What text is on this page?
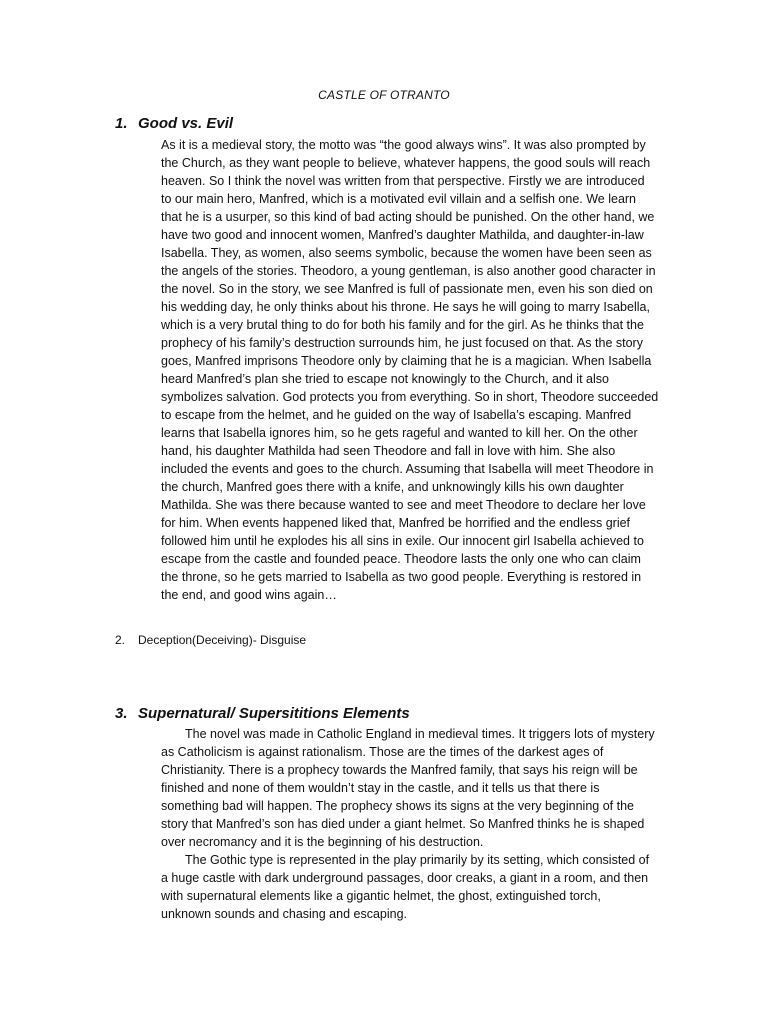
CASTLE OF OTRANTO
1. Good vs. Evil
As it is a medieval story, the motto was “the good always wins”. It was also prompted by
the Church, as they want people to believe, whatever happens, the good souls will reach
heaven. So I think the novel was written from that perspective. Firstly we are introduced
to our main hero, Manfred, which is a motivated evil villain and a selfish one. We learn
that he is a usurper, so this kind of bad acting should be punished. On the other hand, we
have two good and innocent women, Manfred’s daughter Mathilda, and daughter-in-law
Isabella. They, as women, also seems symbolic, because the women have been seen as
the angels of the stories. Theodoro, a young gentleman, is also another good character in
the novel. So in the story, we see Manfred is full of passionate men, even his son died on
his wedding day, he only thinks about his throne. He says he will going to marry Isabella,
which is a very brutal thing to do for both his family and for the girl. As he thinks that the
prophecy of his family’s destruction surrounds him, he just focused on that. As the story
goes, Manfred imprisons Theodore only by claiming that he is a magician. When Isabella
heard Manfred’s plan she tried to escape not knowingly to the Church, and it also
symbolizes salvation. God protects you from everything. So in short, Theodore succeeded
to escape from the helmet, and he guided on the way of Isabella’s escaping. Manfred
learns that Isabella ignores him, so he gets rageful and wanted to kill her. On the other
hand, his daughter Mathilda had seen Theodore and fall in love with him. She also
included the events and goes to the church. Assuming that Isabella will meet Theodore in
the church, Manfred goes there with a knife, and unknowingly kills his own daughter
Mathilda. She was there because wanted to see and meet Theodore to declare her love
for him. When events happened liked that, Manfred be horrified and the endless grief
followed him until he explodes his all sins in exile. Our innocent girl Isabella achieved to
escape from the castle and founded peace. Theodore lasts the only one who can claim
the throne, so he gets married to Isabella as two good people. Everything is restored in
the end, and good wins again…
2. Deception(Deceiving)- Disguise
3. Supernatural/ Supersititions Elements
The novel was made in Catholic England in medieval times. It triggers lots of mystery
as Catholicism is against rationalism. Those are the times of the darkest ages of
Christianity. There is a prophecy towards the Manfred family, that says his reign will be
finished and none of them wouldn’t stay in the castle, and it tells us that there is
something bad will happen. The prophecy shows its signs at the very beginning of the
story that Manfred’s son has died under a giant helmet. So Manfred thinks he is shaped
over necromancy and it is the beginning of his destruction.
The Gothic type is represented in the play primarily by its setting, which consisted of
a huge castle with dark underground passages, door creaks, a giant in a room, and then
with supernatural elements like a gigantic helmet, the ghost, extinguished torch,
unknown sounds and chasing and escaping.
